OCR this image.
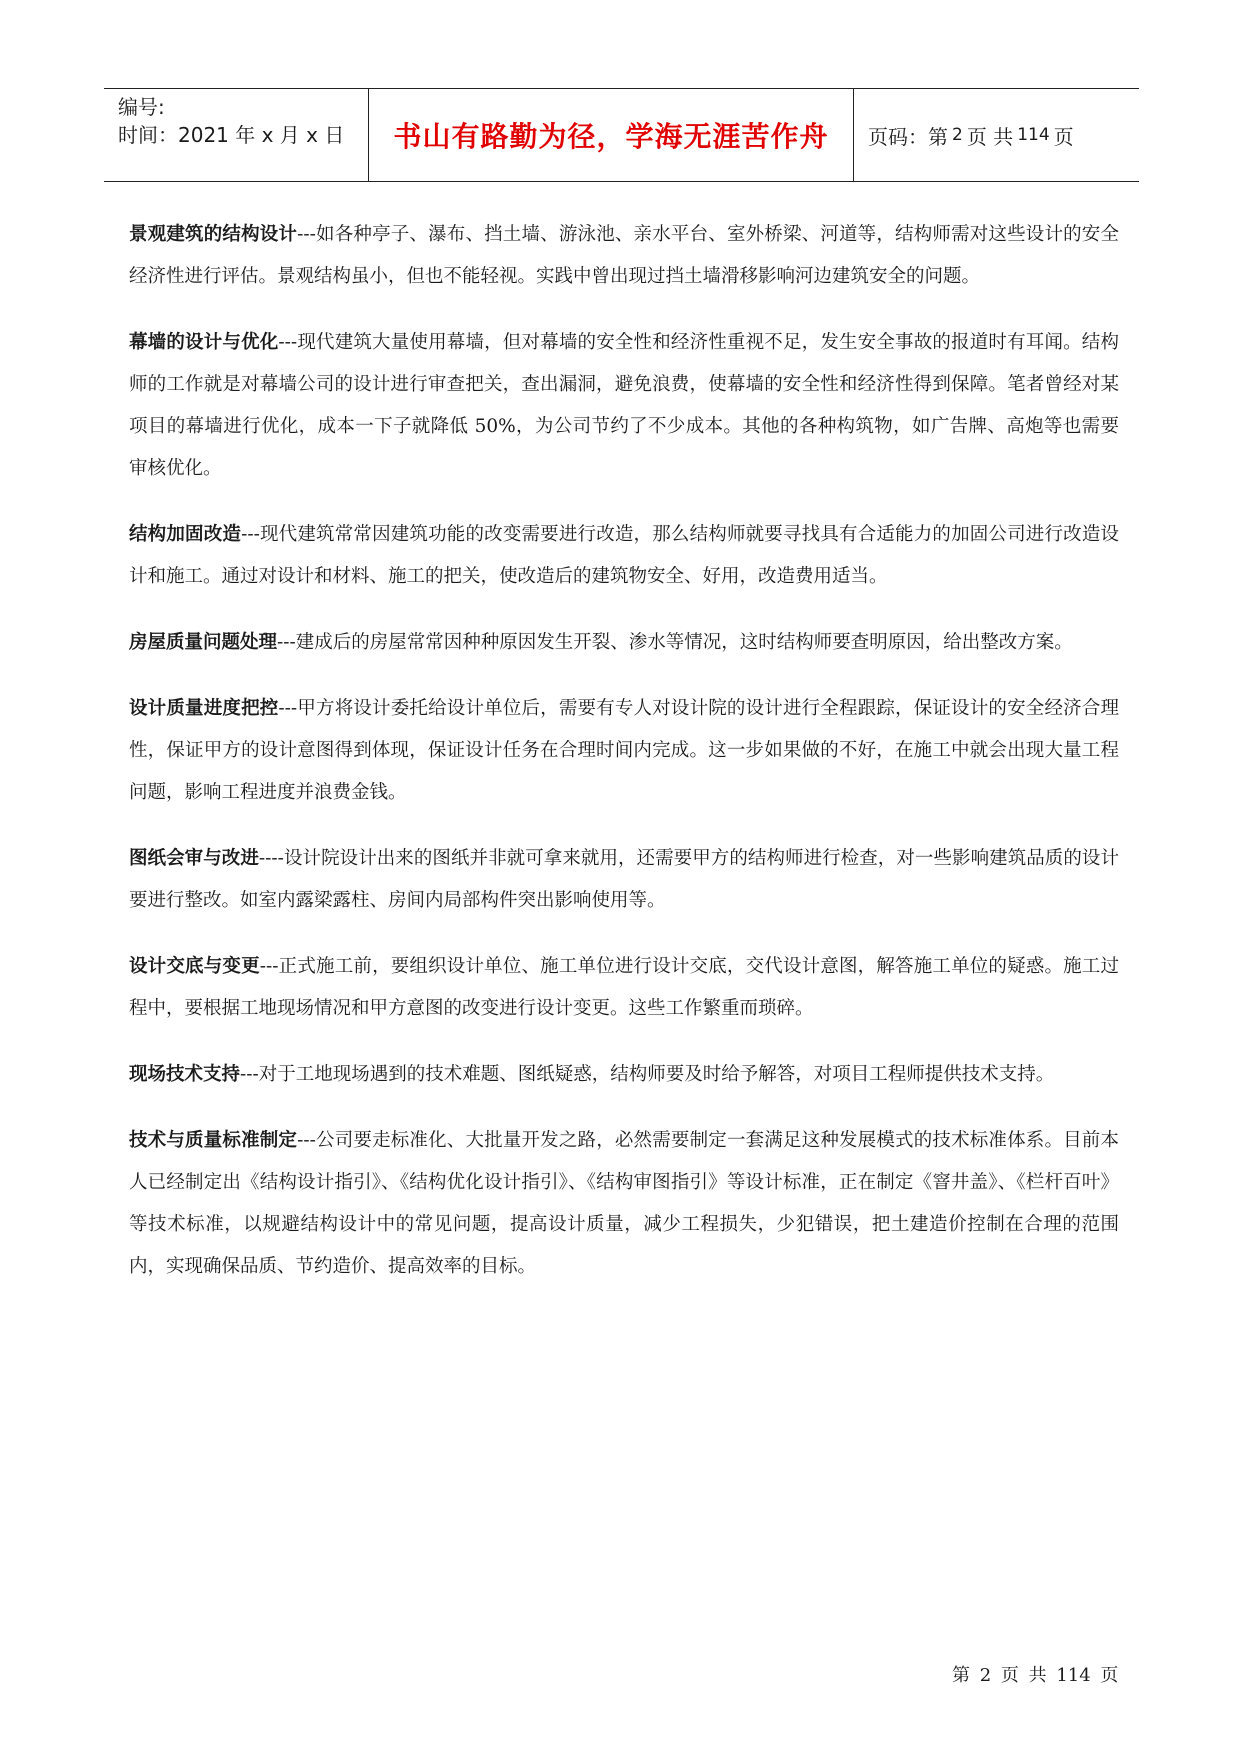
编号:
时间：2021 年 x 月 x 日	书山有路勤为径，学海无涯苦作舟	页码：第 2 页 共 114 页

景观建筑的结构设计---如各种亭子、瀑布、挡土墙、游泳池、亲水平台、室外桥梁、河道等，结构师需对这些设计的安全经济性进行评估。景观结构虽小，但也不能轻视。实践中曾出现过挡土墙滑移影响河边建筑安全的问题。

幕墙的设计与优化---现代建筑大量使用幕墙，但对幕墙的安全性和经济性重视不足，发生安全事故的报道时有耳闻。结构师的工作就是对幕墙公司的设计进行审查把关，查出漏洞，避免浪费，使幕墙的安全性和经济性得到保障。笔者曾经对某项目的幕墙进行优化，成本一下子就降低 50%，为公司节约了不少成本。其他的各种构筑物，如广告牌、高炮等也需要审核优化。

结构加固改造---现代建筑常常因建筑功能的改变需要进行改造，那么结构师就要寻找具有合适能力的加固公司进行改造设计和施工。通过对设计和材料、施工的把关，使改造后的建筑物安全、好用，改造费用适当。

房屋质量问题处理---建成后的房屋常常因种种原因发生开裂、渗水等情况，这时结构师要查明原因，给出整改方案。

设计质量进度把控---甲方将设计委托给设计单位后，需要有专人对设计院的设计进行全程跟踪，保证设计的安全经济合理性，保证甲方的设计意图得到体现，保证设计任务在合理时间内完成。这一步如果做的不好，在施工中就会出现大量工程问题，影响工程进度并浪费金钱。

图纸会审与改进----设计院设计出来的图纸并非就可拿来就用，还需要甲方的结构师进行检查，对一些影响建筑品质的设计要进行整改。如室内露梁露柱、房间内局部构件突出影响使用等。

设计交底与变更---正式施工前，要组织设计单位、施工单位进行设计交底，交代设计意图，解答施工单位的疑惑。施工过程中，要根据工地现场情况和甲方意图的改变进行设计变更。这些工作繁重而琐碎。

现场技术支持---对于工地现场遇到的技术难题、图纸疑惑，结构师要及时给予解答，对项目工程师提供技术支持。

技术与质量标准制定---公司要走标准化、大批量开发之路，必然需要制定一套满足这种发展模式的技术标准体系。目前本人已经制定出《结构设计指引》、《结构优化设计指引》、《结构审图指引》等设计标准，正在制定《窨井盖》、《栏杆百叶》等技术标准，以规避结构设计中的常见问题，提高设计质量，减少工程损失，少犯错误，把土建造价控制在合理的范围内，实现确保品质、节约造价、提高效率的目标。

第 2 页 共 114 页
